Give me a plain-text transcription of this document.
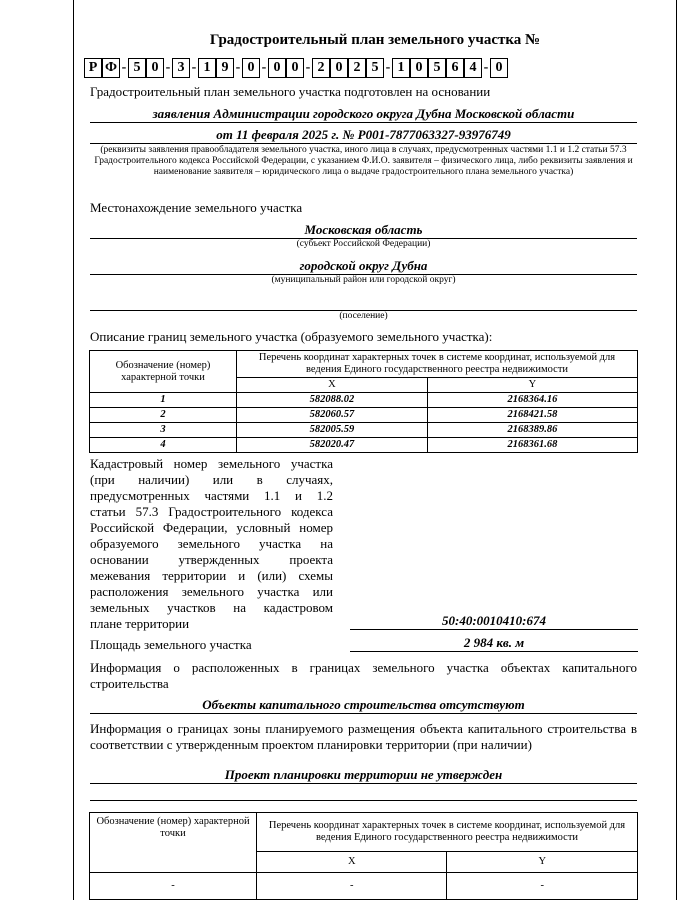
Градостроительный план земельного участка №
Р Ф - 5 0 - 3 - 1 9 - 0 - 0 0 - 2 0 2 5 - 1 0 5 6 4 - 0
Градостроительный план земельного участка подготовлен на основании
заявления Администрации городского округа Дубна Московской области
от 11 февраля 2025 г. № Р001-7877063327-93976749
(реквизиты заявления правообладателя земельного участка, иного лица в случаях, предусмотренных частями 1.1 и 1.2 статьи 57.3 Градостроительного кодекса Российской Федерации, с указанием Ф.И.О. заявителя – физического лица, либо реквизиты заявления и наименование заявителя – юридического лица о выдаче градостроительного плана земельного участка)
Местонахождение земельного участка
Московская область
(субъект Российской Федерации)
городской округ Дубна
(муниципальный район или городской округ)
(поселение)
Описание границ земельного участка (образуемого земельного участка):
Обозначение (номер) характерной точки	Перечень координат характерных точек в системе координат, используемой для ведения Единого государственного реестра недвижимости	
	X	Y
1	582088.02	2168364.16
2	582060.57	2168421.58
3	582005.59	2168389.86
4	582020.47	2168361.68
Кадастровый номер земельного участка
(при наличии) или в случаях,
предусмотренных частями 1.1 и 1.2
статьи 57.3 Градостроительного кодекса
Российской Федерации, условный номер
образуемого земельного участка на
основании утвержденных проекта
межевания территории и (или) схемы
расположения земельного участка или
земельных участков на кадастровом
плане территории	50:40:0010410:674
Площадь земельного участка	2 984 кв. м
Информация о расположенных в границах земельного участка объектах капитального строительства
Объекты капитального строительства отсутствуют
Информация о границах зоны планируемого размещения объекта капитального строительства в соответствии с утвержденным проектом планировки территории (при наличии)
Проект планировки территории не утвержден
Обозначение (номер) характерной точки	Перечень координат характерных точек в системе координат, используемой для ведения Единого государственного реестра недвижимости	
	X	Y
-	-	-
